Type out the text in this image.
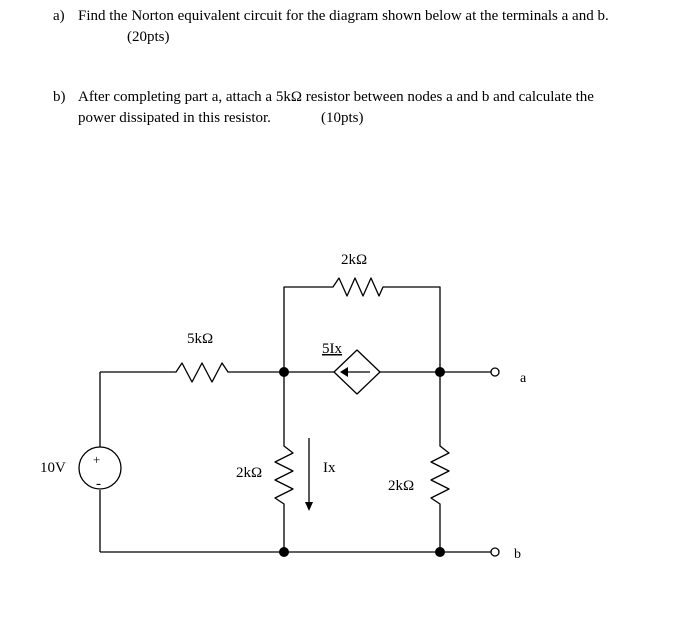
a) Find the Norton equivalent circuit for the diagram shown below at the terminals a and b.
(20pts)
b) After completing part a, attach a 5kΩ resistor between nodes a and b and calculate the
power dissipated in this resistor.	(10pts)
10V
+
-
5kΩ
2kΩ
5Ix
2kΩ	Ix
2kΩ
a
b
